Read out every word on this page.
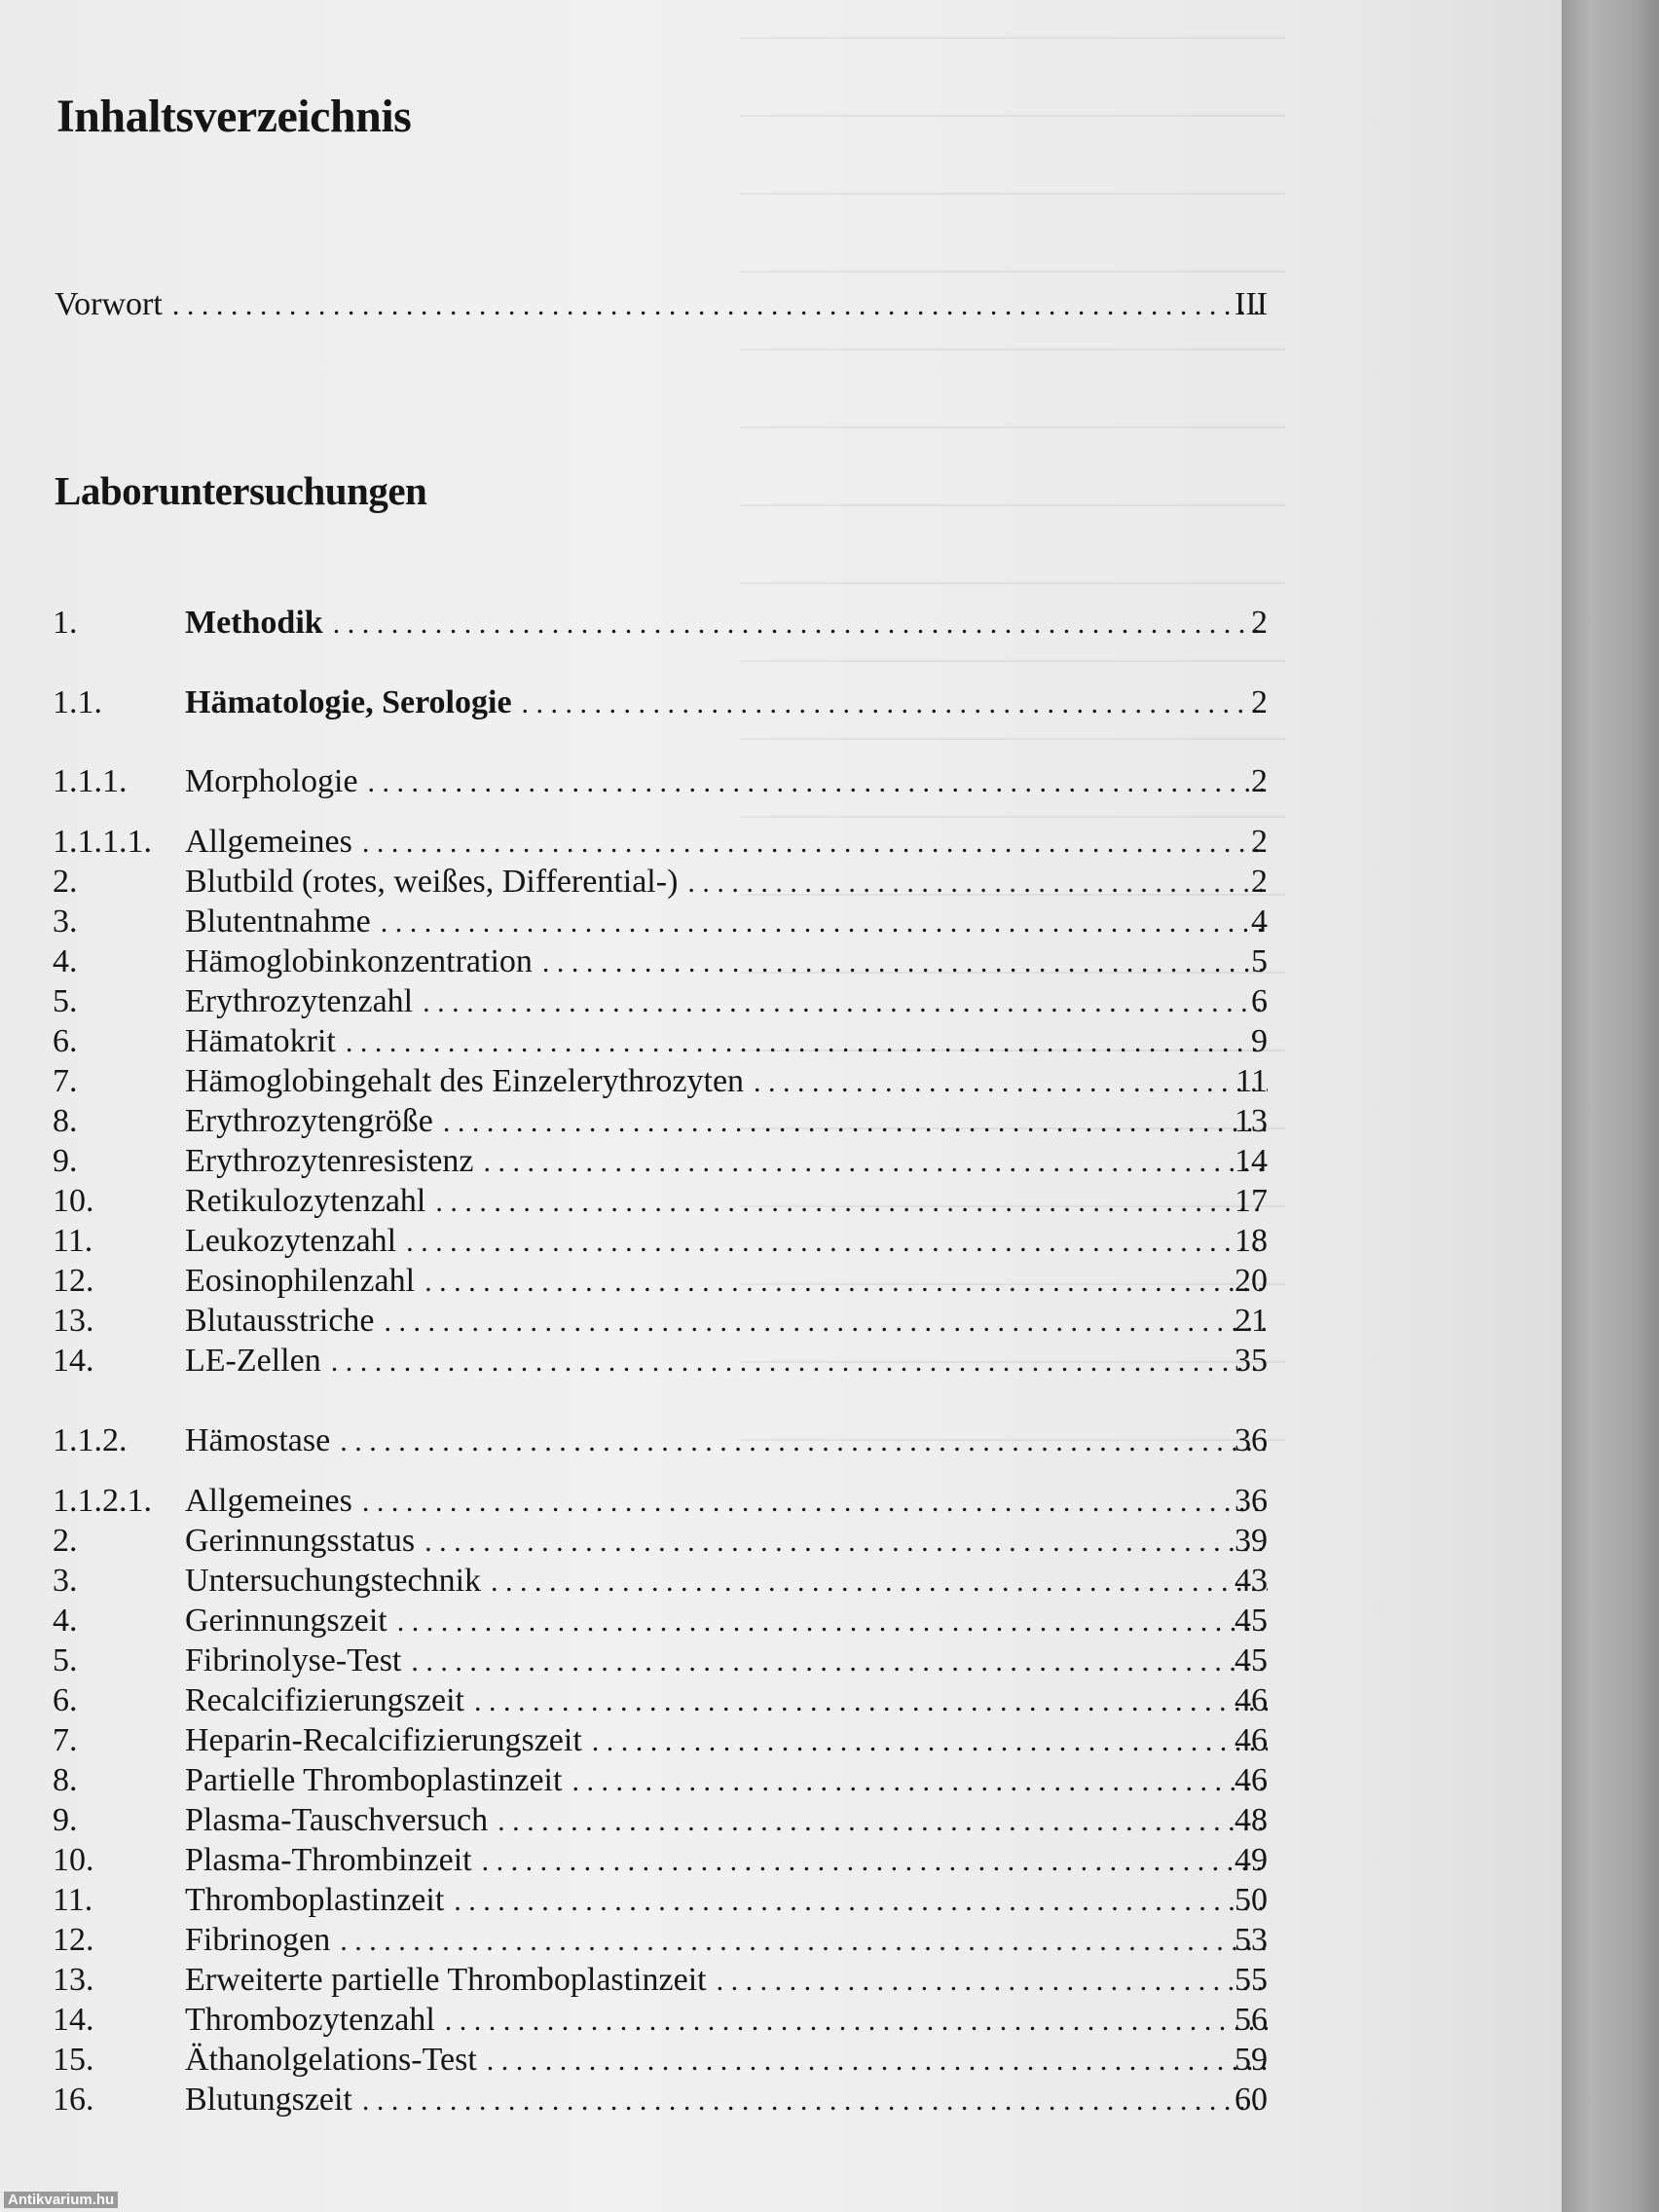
Inhaltsverzeichnis
Vorwort . . .	III
Laboruntersuchungen
1.	Methodik . . .	2
1.1.	Hämatologie, Serologie . . .	2
1.1.1. Morphologie . . .	2
1.1.1.1. Allgemeines . . .	2
2.	Blutbild (rotes, weißes, Differential-) . . .	2
3.	Blutentnahme . . .	4
4.	Hämoglobinkonzentration . . .	5
5.	Erythrozytenzahl . . .	6
6.	Hämatokrit . . .	9
7.	Hämoglobingehalt des Einzelerythrozyten . . .	11
8.	Erythrozytengröße . . .	13
9.	Erythrozytenresistenz . . .	14
10.	Retikulozytenzahl . . .	17
11.	Leukozytenzahl . . .	18
12.	Eosinophilenzahl . . .	20
13.	Blutausstriche . . .	21
14.	LE-Zellen . . .	35
1.1.2. Hämostase . . .	36
1.1.2.1. Allgemeines . . .	36
2.	Gerinnungsstatus . . .	39
3.	Untersuchungstechnik . . .	43
4.	Gerinnungszeit . . .	45
5.	Fibrinolyse-Test . . .	45
6.	Recalcifizierungszeit . . .	46
7.	Heparin-Recalcifizierungszeit . . .	46
8.	Partielle Thromboplastinzeit . . .	46
9.	Plasma-Tauschversuch . . .	48
10.	Plasma-Thrombinzeit . . .	49
11.	Thromboplastinzeit . . .	50
12.	Fibrinogen . . .	53
13.	Erweiterte partielle Thromboplastinzeit . . .	55
14.	Thrombozytenzahl . . .	56
15.	Äthanolgelations-Test . . .	59
16.	Blutungszeit . . .	60
Antikvarium.hu
